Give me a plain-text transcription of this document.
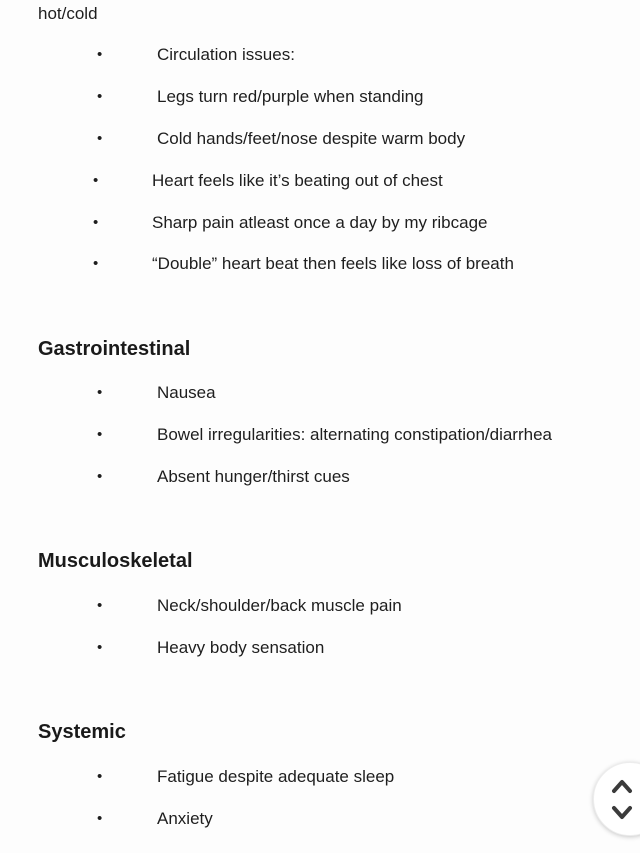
hot/cold
•	Circulation issues:
•	Legs turn red/purple when standing
•	Cold hands/feet/nose despite warm body
•	Heart feels like it’s beating out of chest
•	Sharp pain atleast once a day by my ribcage
•	“Double” heart beat then feels like loss of breath
Gastrointestinal
•	Nausea
•	Bowel irregularities: alternating constipation/diarrhea
•	Absent hunger/thirst cues
Musculoskeletal
•	Neck/shoulder/back muscle pain
•	Heavy body sensation
Systemic
•	Fatigue despite adequate sleep
•	Anxiety
